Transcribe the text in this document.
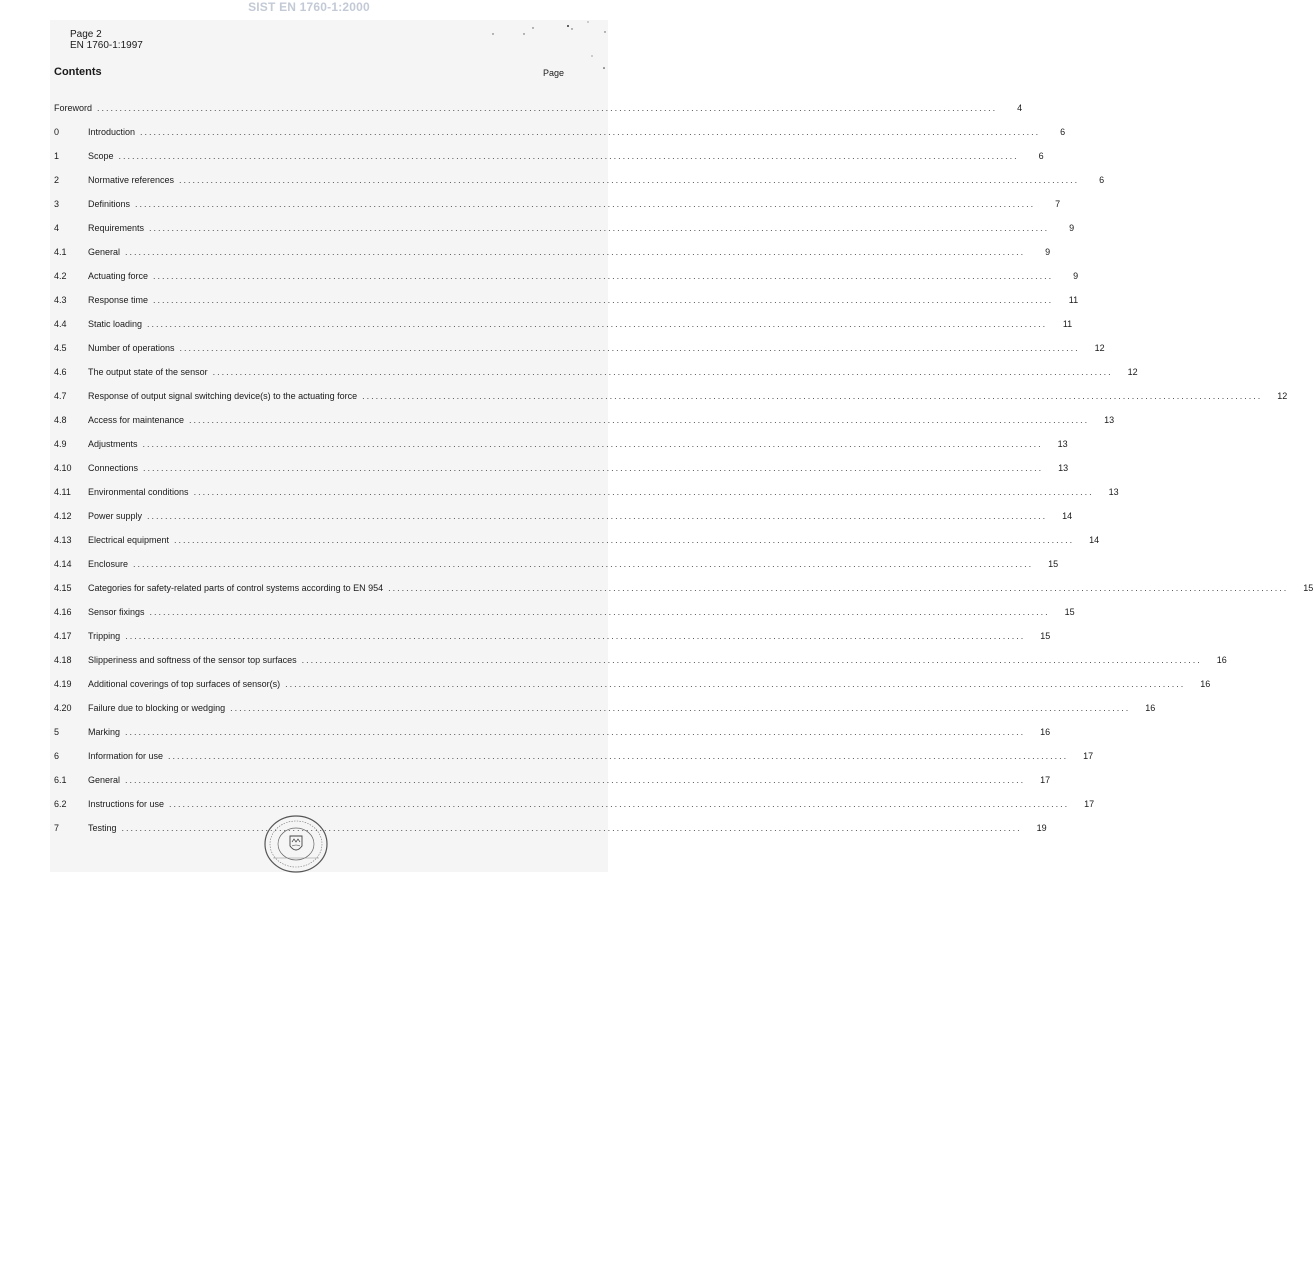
SIST EN 1760-1:2000
Page 2
EN 1760-1:1997
Contents	Page
Foreword ........................................................................................................................................................................................................	4
0	Introduction ........................................................................................................................................................................................................	6
1	Scope ........................................................................................................................................................................................................	6
2	Normative references ........................................................................................................................................................................................................	6
3	Definitions ........................................................................................................................................................................................................	7
4	Requirements ........................................................................................................................................................................................................	9
4.1	General ........................................................................................................................................................................................................	9
4.2	Actuating force ........................................................................................................................................................................................................	9
4.3	Response time ........................................................................................................................................................................................................	11
4.4	Static loading ........................................................................................................................................................................................................	11
4.5	Number of operations ........................................................................................................................................................................................................	12
4.6	The output state of the sensor ........................................................................................................................................................................................................	12
4.7	Response of output signal switching device(s) to the actuating force ........................................................................................................................................................................................................	12
4.8	Access for maintenance ........................................................................................................................................................................................................	13
4.9	Adjustments ........................................................................................................................................................................................................	13
4.10	Connections ........................................................................................................................................................................................................	13
4.11	Environmental conditions ........................................................................................................................................................................................................	13
4.12	Power supply ........................................................................................................................................................................................................	14
4.13	Electrical equipment ........................................................................................................................................................................................................	14
4.14	Enclosure ........................................................................................................................................................................................................	15
4.15	Categories for safety-related parts of control systems according to EN 954 ........................................................................................................................................................................................................	15
4.16	Sensor fixings ........................................................................................................................................................................................................	15
4.17	Tripping ........................................................................................................................................................................................................	15
4.18	Slipperiness and softness of the sensor top surfaces ........................................................................................................................................................................................................	16
4.19	Additional coverings of top surfaces of sensor(s) ........................................................................................................................................................................................................	16
4.20	Failure due to blocking or wedging ........................................................................................................................................................................................................	16
5	Marking ........................................................................................................................................................................................................	16
6	Information for use ........................................................................................................................................................................................................	17
6.1	General ........................................................................................................................................................................................................	17
6.2	Instructions for use ........................................................................................................................................................................................................	17
7	Testing ........................................................................................................................................................................................................	19
